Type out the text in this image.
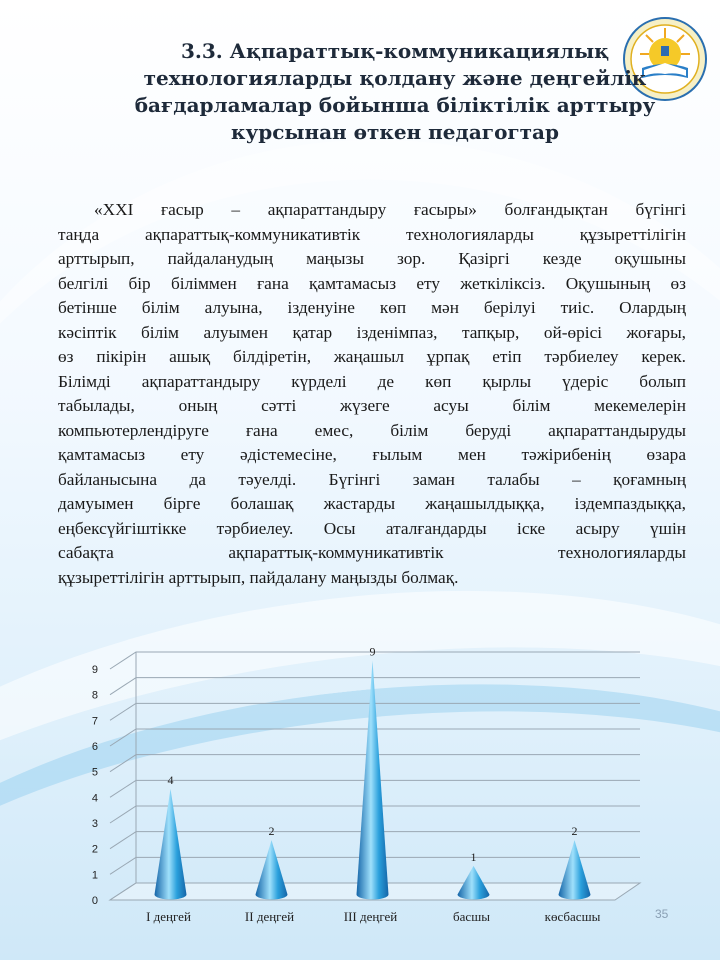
3.3. Ақпараттық-коммуникациялық
технологияларды қолдану және деңгейлік
бағдарламалар бойынша біліктілік арттыру
курсынан өткен педагогтар
«XXI ғасыр – ақпараттандыру ғасыры» болғандықтан бүгінгі
таңда ақпараттық-коммуникативтік технологияларды құзыреттілігін
арттырып, пайдаланудың маңызы зор. Қазіргі кезде оқушыны
белгілі бір біліммен ғана қамтамасыз ету жеткіліксіз. Оқушының өз
бетінше білім алуына, ізденуіне көп мән берілуі тиіс. Олардың
кәсіптік білім алуымен қатар ізденімпаз, тапқыр, ой-өрісі жоғары,
өз пікірін ашық білдіретін, жаңашыл ұрпақ етіп тәрбиелеу керек.
Білімді ақпараттандыру күрделі де көп қырлы үдеріс болып
табылады, оның сәтті жүзеге асуы білім мекемелерін
компьютерлендіруге ғана емес, білім беруді ақпараттандыруды
қамтамасыз ету әдістемесіне, ғылым мен тәжірибенің өзара
байланысына да тәуелді. Бүгінгі заман талабы – қоғамның
дамуымен бірге болашақ жастарды жаңашылдыққа, іздемпаздыққа,
еңбексүйгіштікке тәрбиелеу. Осы аталғандарды іске асыру үшін
сабақта ақпараттық-коммуникативтік технологияларды
құзыреттілігін арттырып, пайдалану маңызды болмақ.
0
1
2
3
4
5
6
7
8
9
4
І деңгей
2
ІІ деңгей
9
ІІІ деңгей
1
басшы
2
көсбасшы	35
